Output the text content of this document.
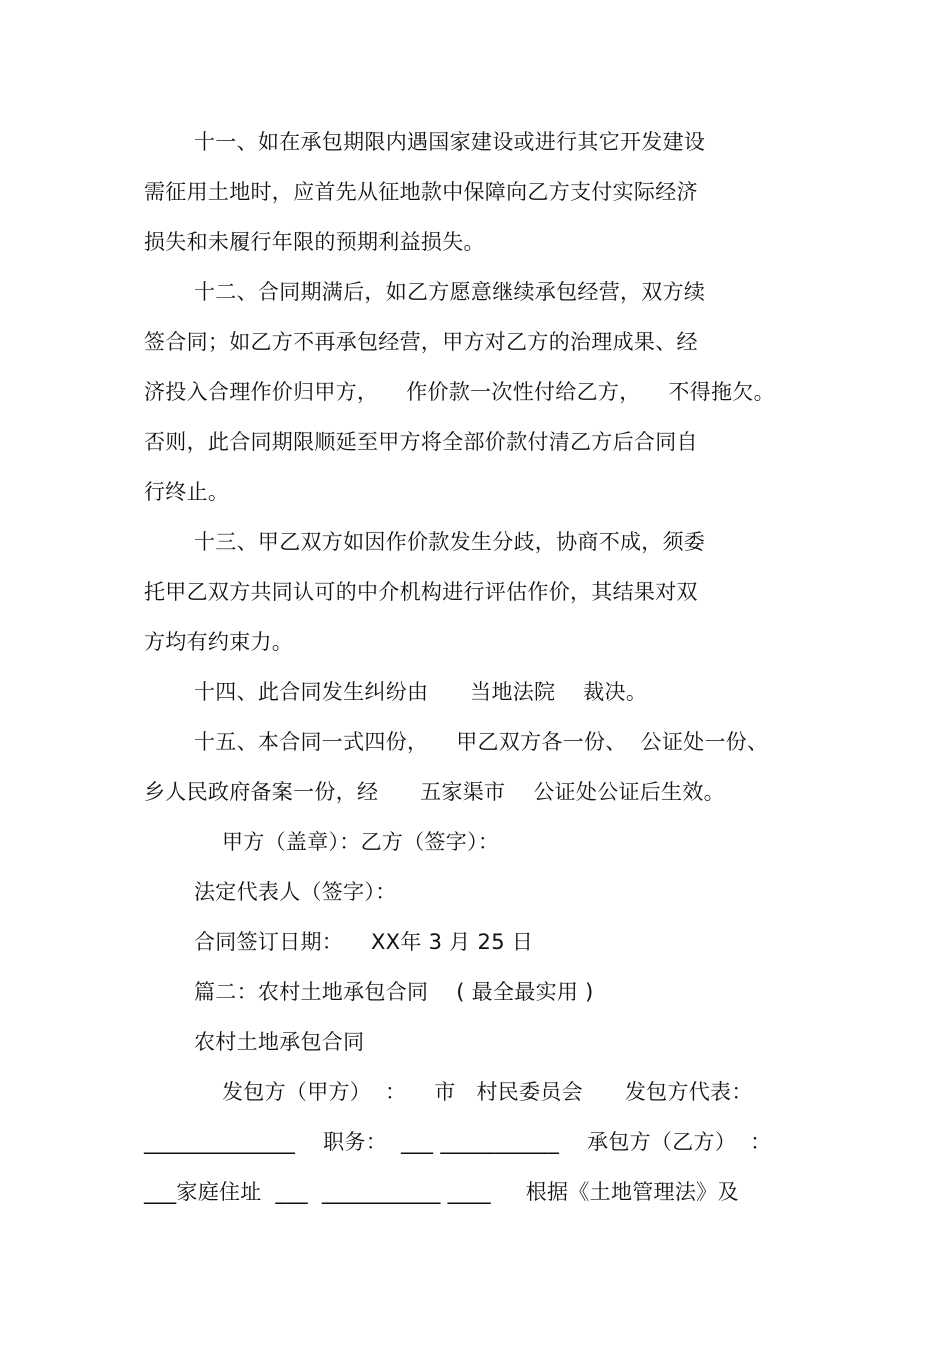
十一、如在承包期限内遇国家建设或进行其它开发建设
需征用土地时，应首先从征地款中保障向乙方支付实际经济
损失和未履行年限的预期利益损失。
十二、合同期满后，如乙方愿意继续承包经营，双方续
签合同；如乙方不再承包经营，甲方对乙方的治理成果、经
济投入合理作价归甲方，    作价款一次性付给乙方，    不得拖欠。
否则，此合同期限顺延至甲方将全部价款付清乙方后合同自
行终止。
十三、甲乙双方如因作价款发生分歧，协商不成，须委
托甲乙双方共同认可的中介机构进行评估作价，其结果对双
方均有约束力。
十四、此合同发生纠纷由      当地法院    裁决。
十五、本合同一式四份，    甲乙双方各一份、  公证处一份、
乡人民政府备案一份，经      五家渠市    公证处公证后生效。
甲方（盖章）：乙方（签字）：
法定代表人（签字）：
合同签订日期：    XX年 3 月 25 日
篇二：农村土地承包合同    ( 最全最实用 )
农村土地承包合同
发包方（甲方）  ：    市   村民委员会      发包方代表：
______________    职务：  ___ ___________    承包方（乙方）  ：
___家庭住址  ___  ___________ ____     根据《土地管理法》及
